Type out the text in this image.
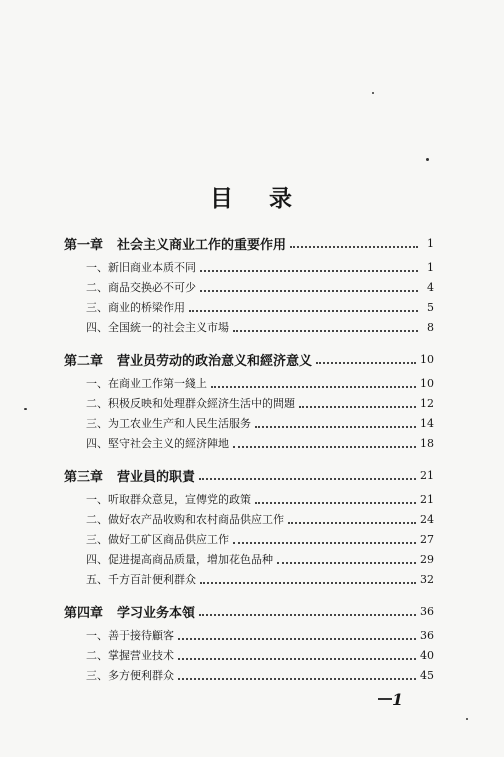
目 录
第一章 社会主义商业工作的重要作用	1
一、新旧商业本质不同	1
二、商品交换必不可少	4
三、商业的桥梁作用	5
四、全国統一的社会主义市場	8
第二章 营业员劳动的政治意义和經济意义	10
一、在商业工作第一綫上	10
二、积极反映和处理群众經济生活中的問題	12
三、为工农业生产和人民生活服务	14
四、堅守社会主义的經济陣地	18
第三章 营业員的职責	21
一、听取群众意見，宣傳党的政策	21
二、做好农产品收购和农村商品供应工作	24
三、做好工矿区商品供应工作	27
四、促进提高商品质量，增加花色品种	29
五、千方百計便利群众	32
第四章 学习业务本領	36
一、善于接待顧客	36
二、掌握营业技术	40
三、多方便利群众	45
1
